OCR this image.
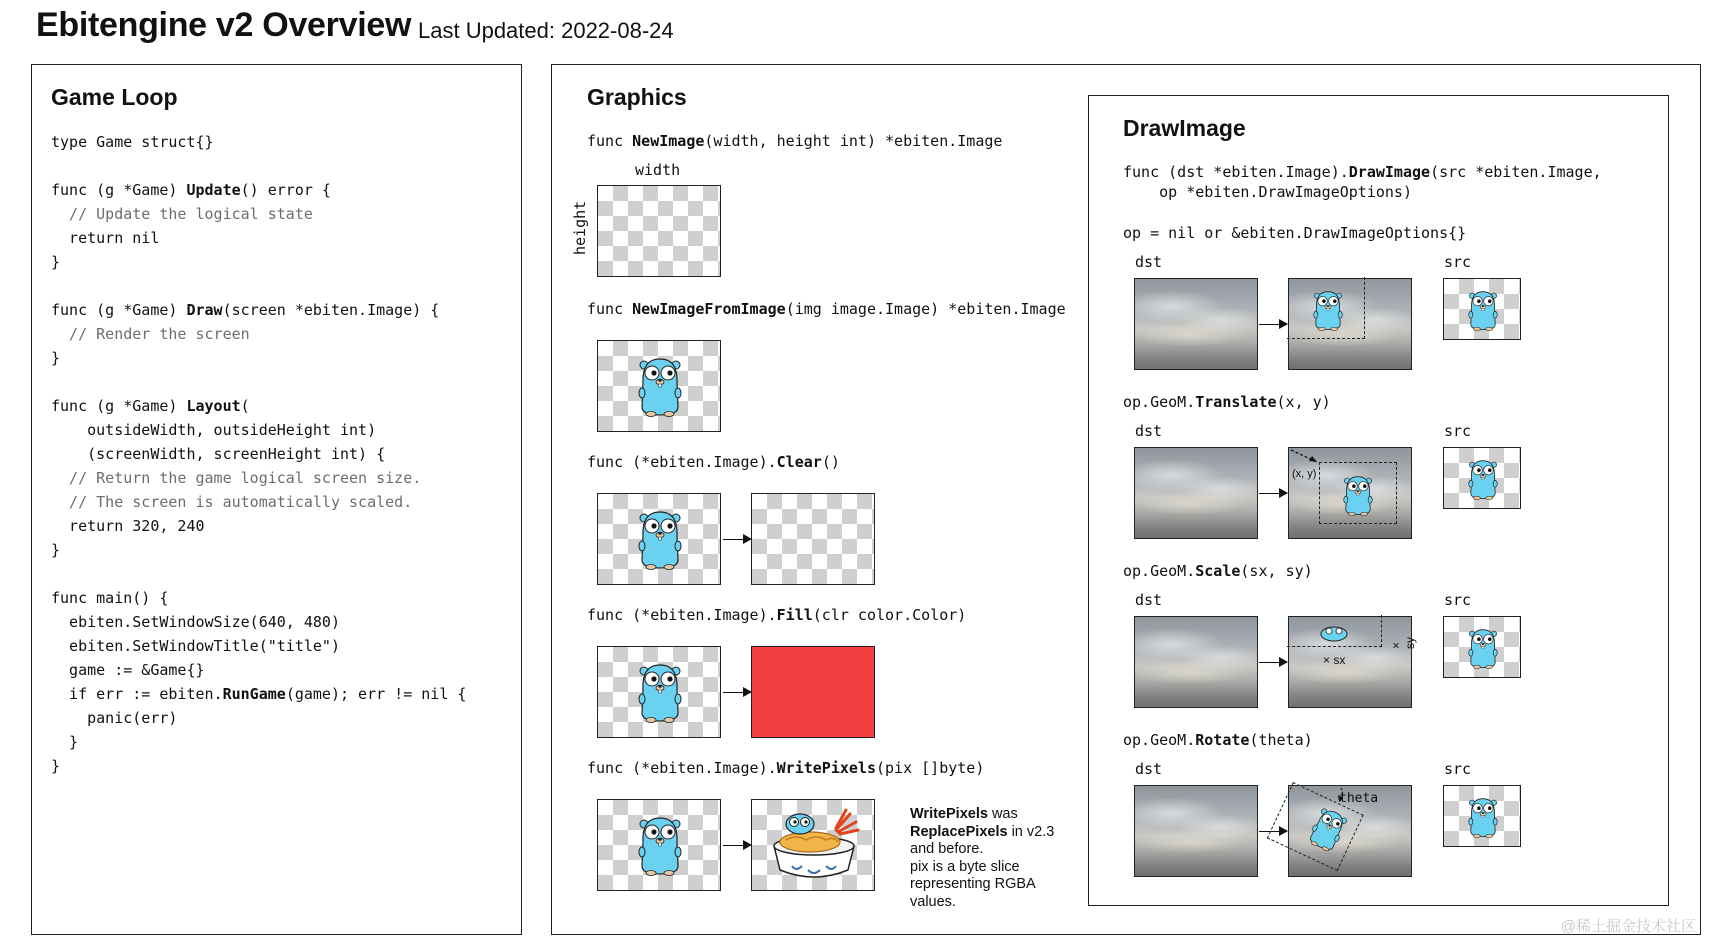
Ebitengine v2 Overview Last Updated: 2022-08-24
Game Loop
type Game struct{}
func (g *Game) Update() error {
// Update the logical state
return nil
}
func (g *Game) Draw(screen *ebiten.Image) {
// Render the screen
}
func (g *Game) Layout(
outsideWidth, outsideHeight int)
(screenWidth, screenHeight int) {
// Return the game logical screen size.
// The screen is automatically scaled.
return 320, 240
}
func main() {
ebiten.SetWindowSize(640, 480)
ebiten.SetWindowTitle("title")
game := &Game{}
if err := ebiten.RunGame(game); err != nil {
panic(err)
}
}
Graphics
func NewImage(width, height int) *ebiten.Image
width
height
func NewImageFromImage(img image.Image) *ebiten.Image
func (*ebiten.Image).Clear()
func (*ebiten.Image).Fill(clr color.Color)
func (*ebiten.Image).WritePixels(pix []byte)
WritePixels was ReplacePixels in v2.3 and before.
pix is a byte slice representing RGBA values.
DrawImage
func (dst *ebiten.Image).DrawImage(src *ebiten.Image,
op *ebiten.DrawImageOptions)
op = nil or &ebiten.DrawImageOptions{}
dst	src
op.GeoM.Translate(x, y)
dst	src
(x, y)
op.GeoM.Scale(sx, sy)
dst	src
× sx
× sy
op.GeoM.Rotate(theta)
dst	src
theta
@稀土掘金技术社区
